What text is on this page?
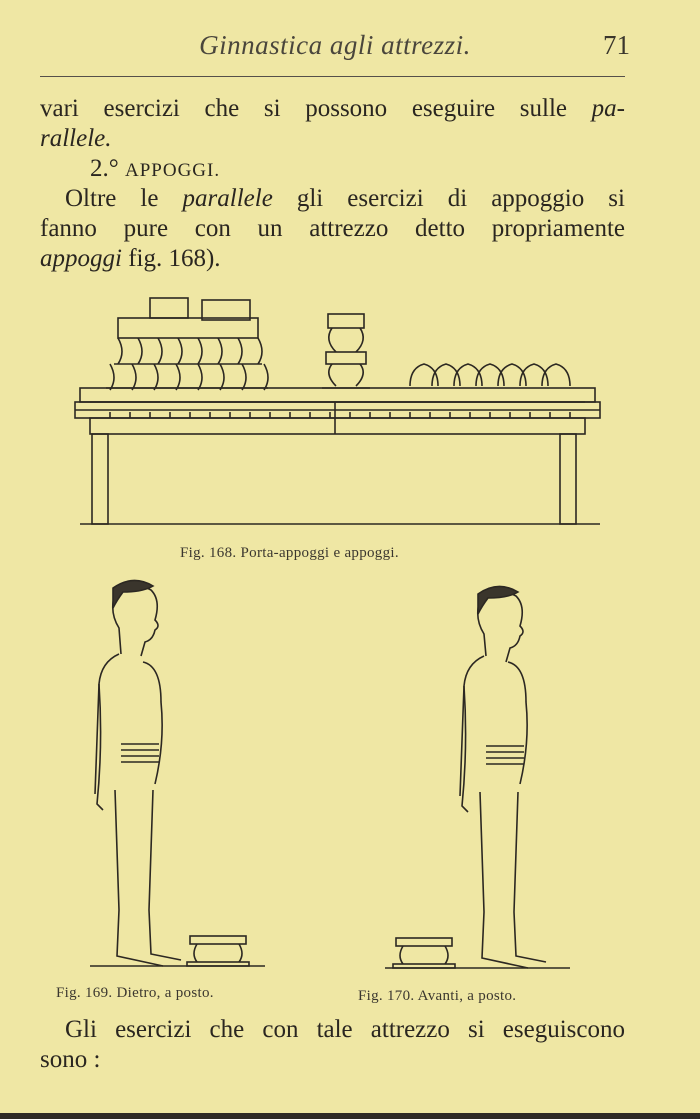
Ginnastica agli attrezzi.	71
vari esercizi che si possono eseguire sulle pa-
rallele.
2.° APPOGGI.
Oltre le parallele gli esercizi di appoggio si
fanno pure con un attrezzo detto propriamente
appoggi fig. 168).
Fig. 168. Porta-appoggi e appoggi.
Fig. 169. Dietro, a posto.	Fig. 170. Avanti, a posto.
Gli esercizi che con tale attrezzo si eseguiscono
sono :
